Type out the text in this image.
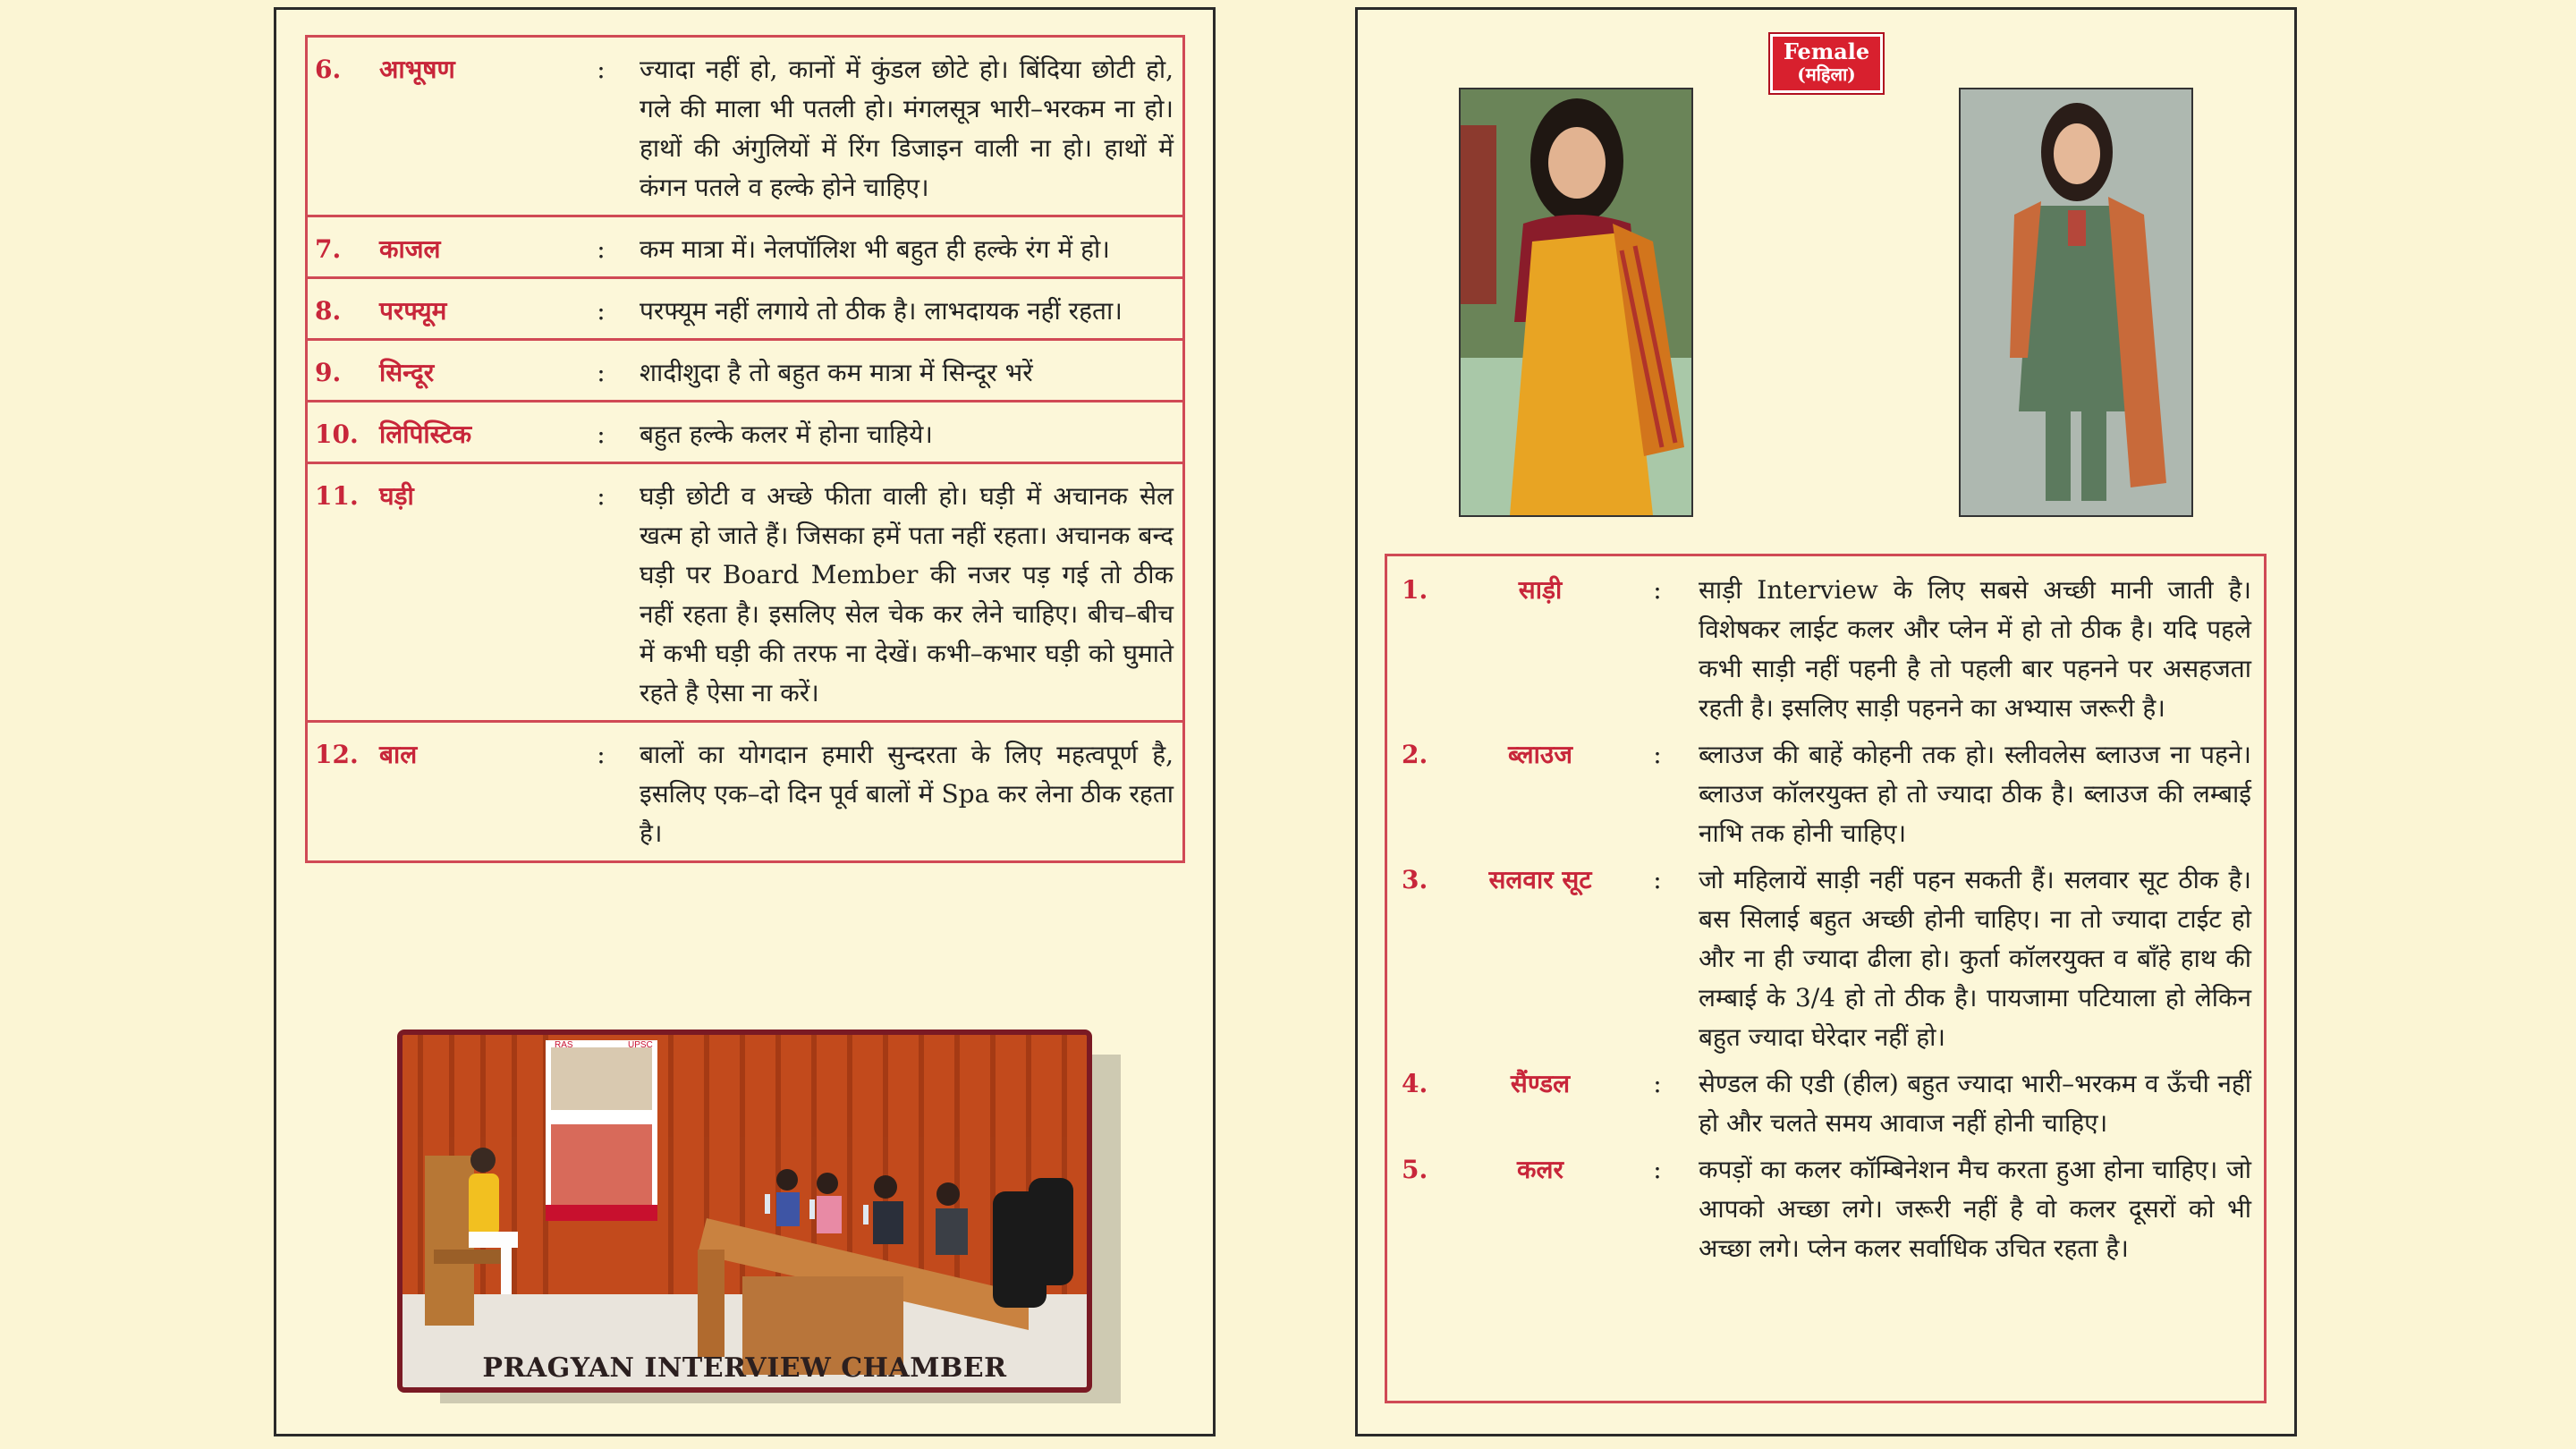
6.	आभूषण	:	ज्यादा नहीं हो, कानों में कुंडल छोटे हो। बिंदिया छोटी हो, गले की माला भी पतली हो। मंगलसूत्र भारी–भरकम ना हो। हाथों की अंगुलियों में रिंग डिजाइन वाली ना हो। हाथों में कंगन पतले व हल्के होने चाहिए।
7.	काजल	:	कम मात्रा में। नेलपॉलिश भी बहुत ही हल्के रंग में हो।
8.	परफ्यूम	:	परफ्यूम नहीं लगाये तो ठीक है। लाभदायक नहीं रहता।
9.	सिन्दूर	:	शादीशुदा है तो बहुत कम मात्रा में सिन्दूर भरें
10.	लिपिस्टिक	:	बहुत हल्के कलर में होना चाहिये।
11.	घड़ी	:	घड़ी छोटी व अच्छे फीता वाली हो। घड़ी में अचानक सेल खत्म हो जाते हैं। जिसका हमें पता नहीं रहता। अचानक बन्द घड़ी पर Board Member की नजर पड़ गई तो ठीक नहीं रहता है। इसलिए सेल चेक कर लेने चाहिए। बीच–बीच में कभी घड़ी की तरफ ना देखें। कभी–कभार घड़ी को घुमाते रहते है ऐसा ना करें।
12.	बाल	:	बालों का योगदान हमारी सुन्दरता के लिए महत्वपूर्ण है, इसलिए एक–दो दिन पूर्व बालों में Spa कर लेना ठीक रहता है।
RAS	UPSC
RPSC
PRAGYAN INTERVIEW CHAMBER
Female
(महिला)
1.	साड़ी	:	साड़ी Interview के लिए सबसे अच्छी मानी जाती है। विशेषकर लाईट कलर और प्लेन में हो तो ठीक है। यदि पहले कभी साड़ी नहीं पहनी है तो पहली बार पहनने पर असहजता रहती है। इसलिए साड़ी पहनने का अभ्यास जरूरी है।
2.	ब्लाउज	:	ब्लाउज की बाहें कोहनी तक हो। स्लीवलेस ब्लाउज ना पहने। ब्लाउज कॉलरयुक्त हो तो ज्यादा ठीक है। ब्लाउज की लम्बाई नाभि तक होनी चाहिए।
3.	सलवार सूट	:	जो महिलायें साड़ी नहीं पहन सकती हैं। सलवार सूट ठीक है। बस सिलाई बहुत अच्छी होनी चाहिए। ना तो ज्यादा टाईट हो और ना ही ज्यादा ढीला हो। कुर्ता कॉलरयुक्त व बाँहे हाथ की लम्बाई के 3/4 हो तो ठीक है। पायजामा पटियाला हो लेकिन बहुत ज्यादा घेरेदार नहीं हो।
4.	सैंण्डल	:	सेण्डल की एडी (हील) बहुत ज्यादा भारी–भरकम व ऊँची नहीं हो और चलते समय आवाज नहीं होनी चाहिए।
5.	कलर	:	कपड़ों का कलर कॉम्बिनेशन मैच करता हुआ होना चाहिए। जो आपको अच्छा लगे। जरूरी नहीं है वो कलर दूसरों को भी अच्छा लगे। प्लेन कलर सर्वाधिक उचित रहता है।
